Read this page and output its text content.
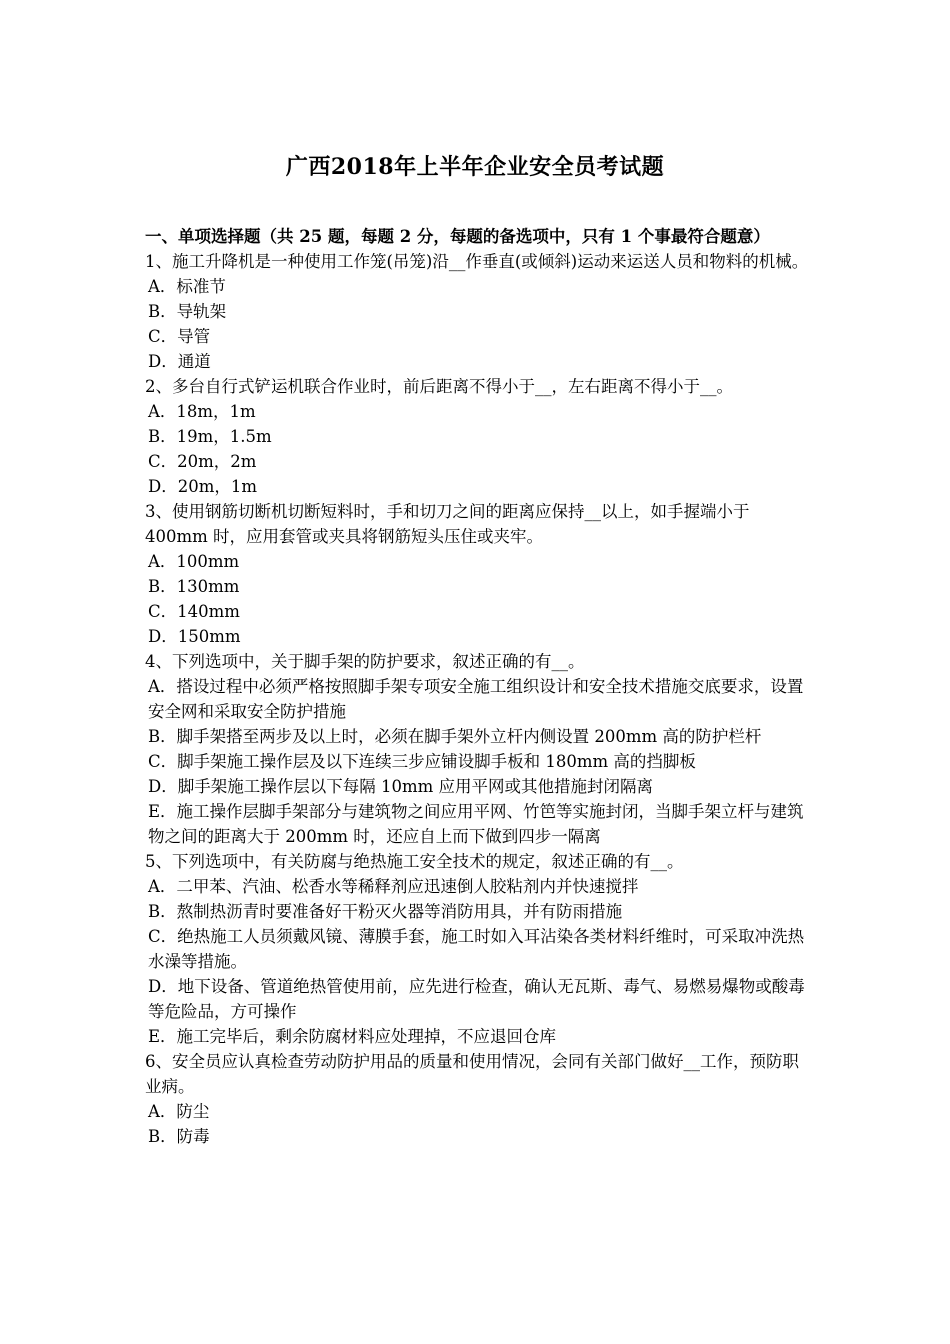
广西2018年上半年企业安全员考试题

一、单项选择题（共 25 题，每题 2 分，每题的备选项中，只有 1 个事最符合题意）

1、施工升降机是一种使用工作笼(吊笼)沿__作垂直(或倾斜)运动来运送人员和物料的机械。

A．标准节

B．导轨架

C．导管

D．通道

2、多台自行式铲运机联合作业时，前后距离不得小于__，左右距离不得小于__。

A．18m，1m

B．19m，1.5m

C．20m，2m

D．20m，1m

3、使用钢筋切断机切断短料时，手和切刀之间的距离应保持__以上，如手握端小于 400mm 时，应用套管或夹具将钢筋短头压住或夹牢。

A．100mm

B．130mm

C．140mm

D．150mm

4、下列选项中，关于脚手架的防护要求，叙述正确的有__。

A．搭设过程中必须严格按照脚手架专项安全施工组织设计和安全技术措施交底要求，设置安全网和采取安全防护措施

B．脚手架搭至两步及以上时，必须在脚手架外立杆内侧设置 200mm 高的防护栏杆

C．脚手架施工操作层及以下连续三步应铺设脚手板和 180mm 高的挡脚板

D．脚手架施工操作层以下每隔 10mm 应用平网或其他措施封闭隔离

E．施工操作层脚手架部分与建筑物之间应用平网、竹笆等实施封闭，当脚手架立杆与建筑物之间的距离大于 200mm 时，还应自上而下做到四步一隔离

5、下列选项中，有关防腐与绝热施工安全技术的规定，叙述正确的有__。

A．二甲苯、汽油、松香水等稀释剂应迅速倒人胶粘剂内并快速搅拌

B．熬制热沥青时要准备好干粉灭火器等消防用具，并有防雨措施

C．绝热施工人员须戴风镜、薄膜手套，施工时如入耳沾染各类材料纤维时，可采取冲洗热水澡等措施。

D．地下设备、管道绝热管使用前，应先进行检查，确认无瓦斯、毒气、易燃易爆物或酸毒等危险品，方可操作

E．施工完毕后，剩余防腐材料应处理掉，不应退回仓库

6、安全员应认真检查劳动防护用品的质量和使用情况，会同有关部门做好__工作，预防职业病。

A．防尘

B．防毒
